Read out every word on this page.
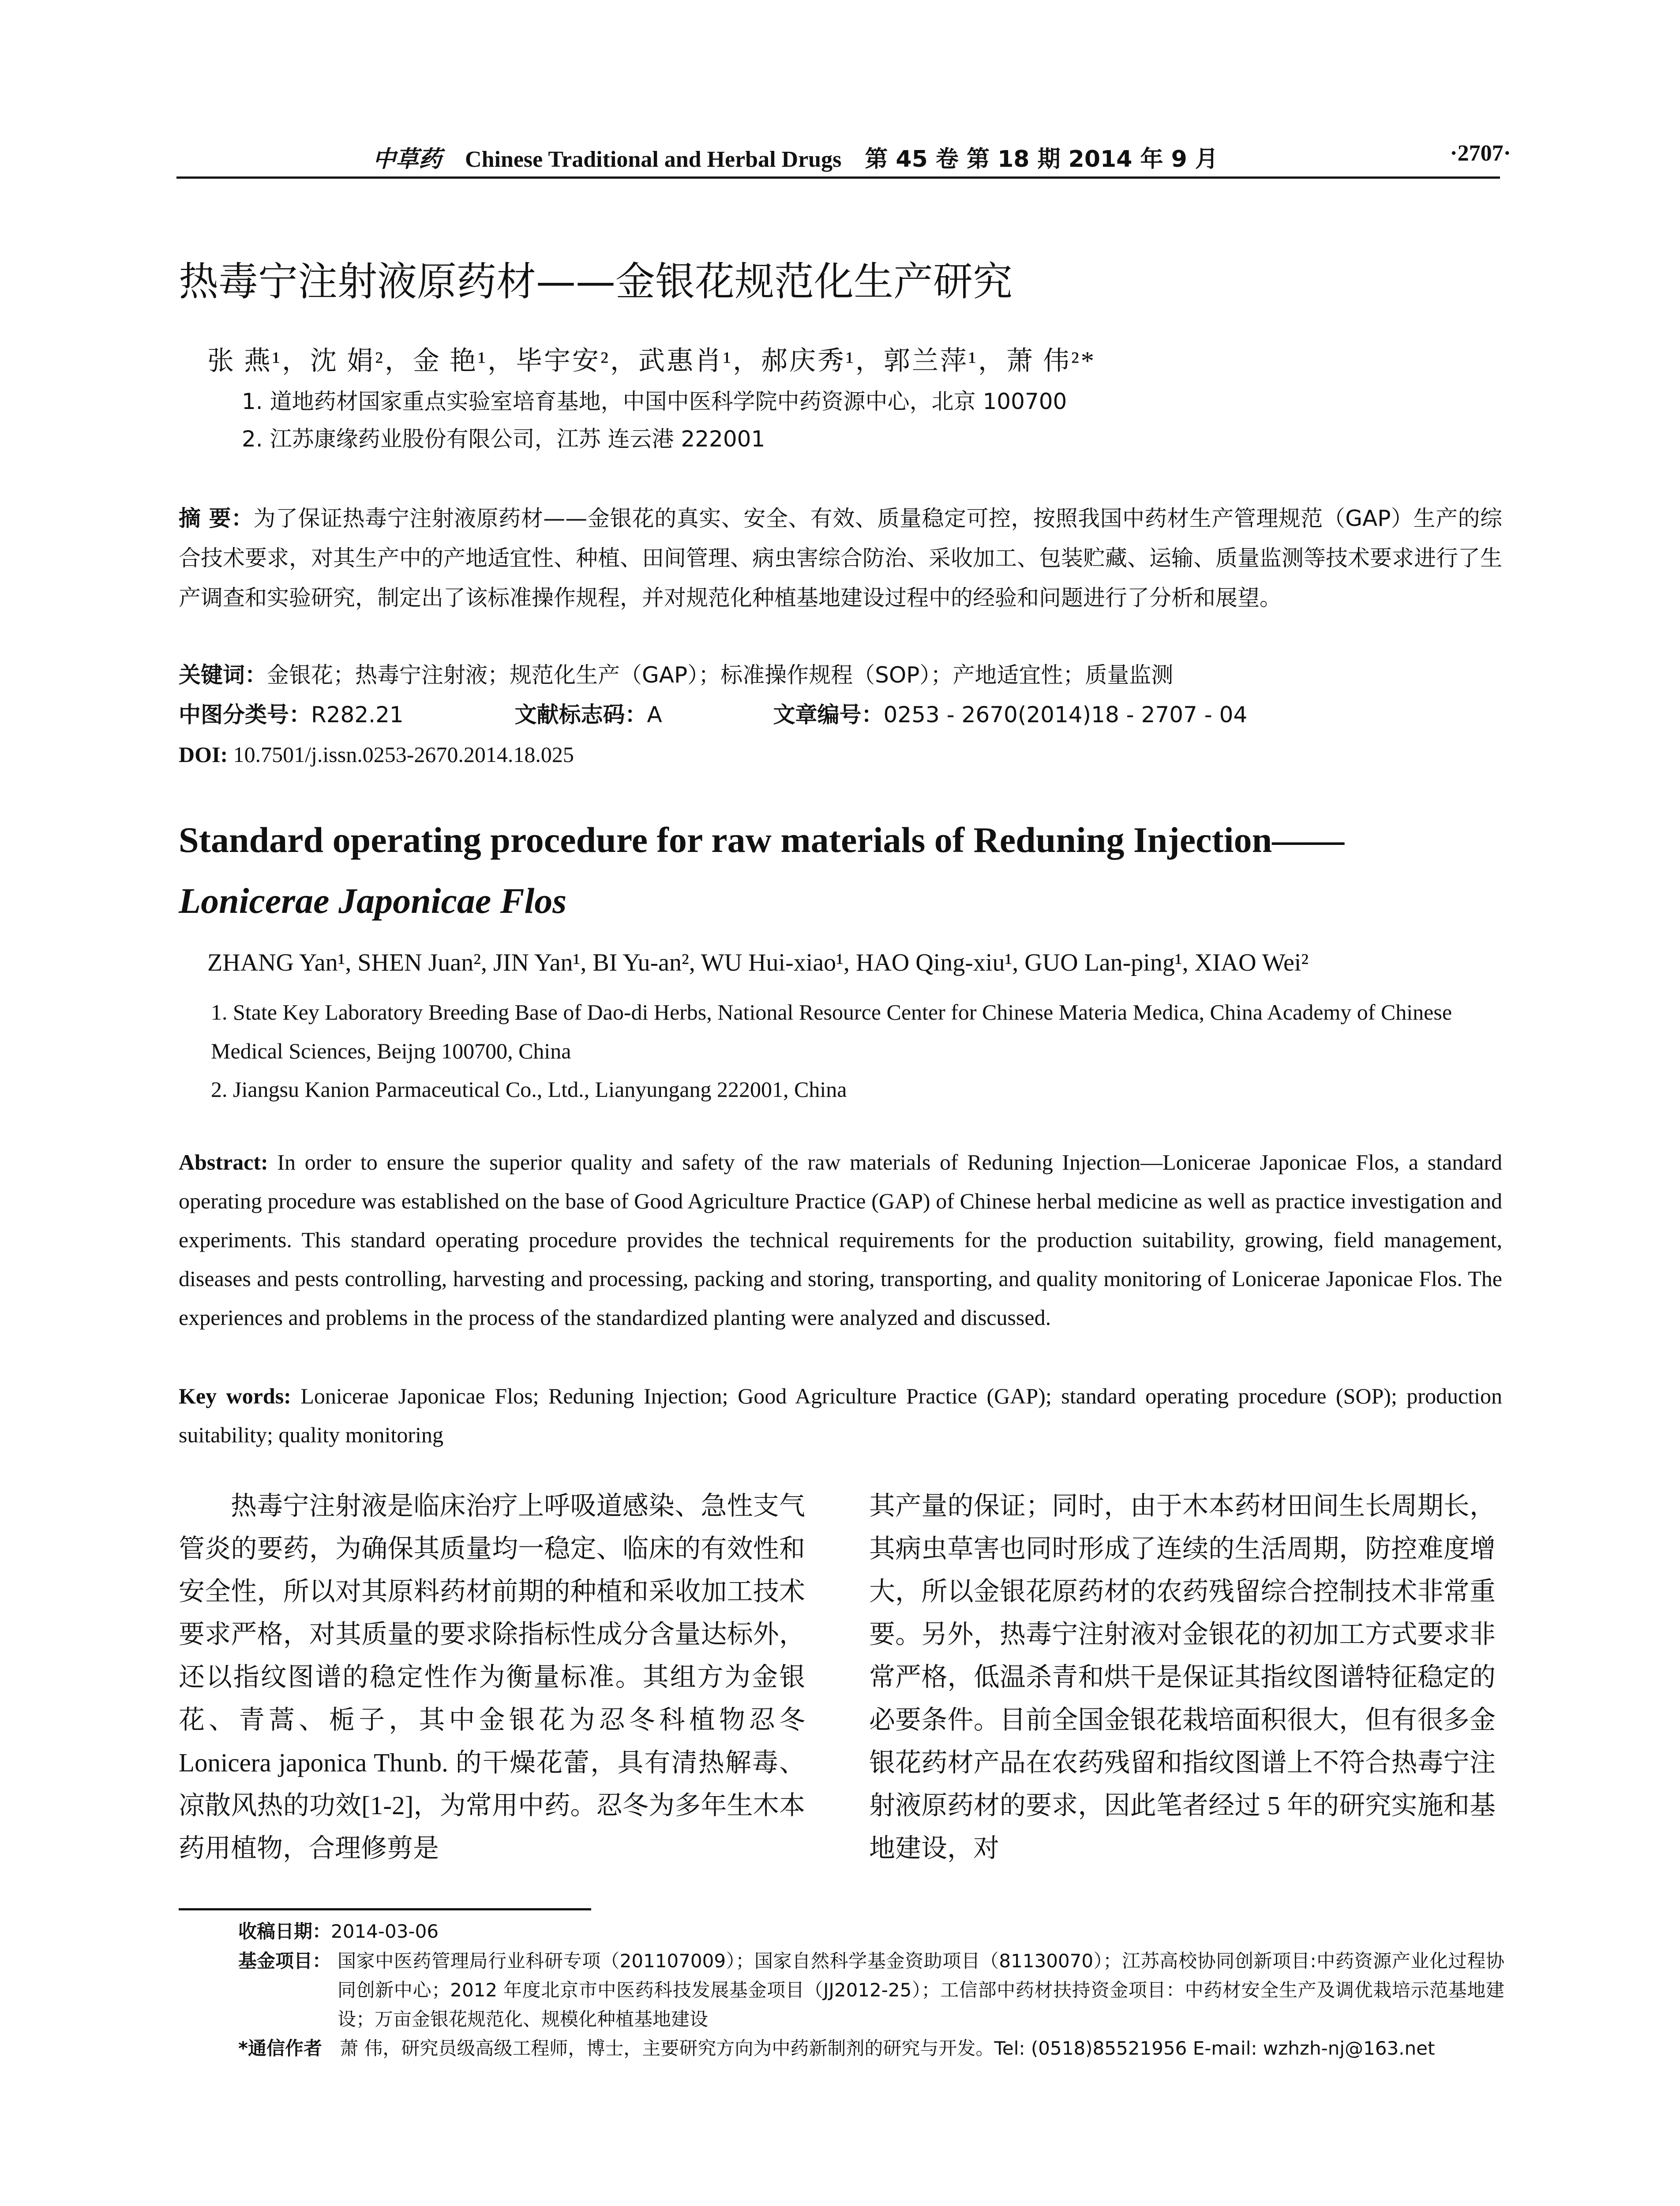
中草药 Chinese Traditional and Herbal Drugs 第 45 卷 第 18 期 2014 年 9 月	·2707·
热毒宁注射液原药材——金银花规范化生产研究
张 燕¹，沈 娟²，金 艳¹，毕宇安²，武惠肖¹，郝庆秀¹，郭兰萍¹，萧 伟²*
1. 道地药材国家重点实验室培育基地，中国中医科学院中药资源中心，北京 100700
2. 江苏康缘药业股份有限公司，江苏 连云港 222001
摘 要：为了保证热毒宁注射液原药材——金银花的真实、安全、有效、质量稳定可控，按照我国中药材生产管理规范（GAP）生产的综合技术要求，对其生产中的产地适宜性、种植、田间管理、病虫害综合防治、采收加工、包装贮藏、运输、质量监测等技术要求进行了生产调查和实验研究，制定出了该标准操作规程，并对规范化种植基地建设过程中的经验和问题进行了分析和展望。
关键词：金银花；热毒宁注射液；规范化生产（GAP）；标准操作规程（SOP）；产地适宜性；质量监测
中图分类号：R282.21	文献标志码：A	文章编号：0253 - 2670(2014)18 - 2707 - 04
DOI: 10.7501/j.issn.0253-2670.2014.18.025
Standard operating procedure for raw materials of Reduning Injection——
Lonicerae Japonicae Flos
ZHANG Yan¹, SHEN Juan², JIN Yan¹, BI Yu-an², WU Hui-xiao¹, HAO Qing-xiu¹, GUO Lan-ping¹, XIAO Wei²
1. State Key Laboratory Breeding Base of Dao-di Herbs, National Resource Center for Chinese Materia Medica, China Academy of Chinese Medical Sciences, Beijng 100700, China
2. Jiangsu Kanion Parmaceutical Co., Ltd., Lianyungang 222001, China
Abstract: In order to ensure the superior quality and safety of the raw materials of Reduning Injection—Lonicerae Japonicae Flos, a standard operating procedure was established on the base of Good Agriculture Practice (GAP) of Chinese herbal medicine as well as practice investigation and experiments. This standard operating procedure provides the technical requirements for the production suitability, growing, field management, diseases and pests controlling, harvesting and processing, packing and storing, transporting, and quality monitoring of Lonicerae Japonicae Flos. The experiences and problems in the process of the standardized planting were analyzed and discussed.
Key words: Lonicerae Japonicae Flos; Reduning Injection; Good Agriculture Practice (GAP); standard operating procedure (SOP); production suitability; quality monitoring
热毒宁注射液是临床治疗上呼吸道感染、急性支气管炎的要药，为确保其质量均一稳定、临床的有效性和安全性，所以对其原料药材前期的种植和采收加工技术要求严格，对其质量的要求除指标性成分含量达标外，还以指纹图谱的稳定性作为衡量标准。其组方为金银花、青蒿、栀子，其中金银花为忍冬科植物忍冬 Lonicera japonica Thunb. 的干燥花蕾，具有清热解毒、凉散风热的功效[1-2]，为常用中药。忍冬为多年生木本药用植物，合理修剪是
其产量的保证；同时，由于木本药材田间生长周期长，其病虫草害也同时形成了连续的生活周期，防控难度增大，所以金银花原药材的农药残留综合控制技术非常重要。另外，热毒宁注射液对金银花的初加工方式要求非常严格，低温杀青和烘干是保证其指纹图谱特征稳定的必要条件。目前全国金银花栽培面积很大，但有很多金银花药材产品在农药残留和指纹图谱上不符合热毒宁注射液原药材的要求，因此笔者经过 5 年的研究实施和基地建设，对
收稿日期：2014-03-06
基金项目： 国家中医药管理局行业科研专项（201107009）；国家自然科学基金资助项目（81130070）；江苏高校协同创新项目:中药资源产业化过程协同创新中心；2012 年度北京市中医药科技发展基金项目（JJ2012-25）；工信部中药材扶持资金项目：中药材安全生产及调优栽培示范基地建设；万亩金银花规范化、规模化种植基地建设
*通信作者 萧 伟，研究员级高级工程师，博士，主要研究方向为中药新制剂的研究与开发。Tel: (0518)85521956 E-mail: wzhzh-nj@163.net
